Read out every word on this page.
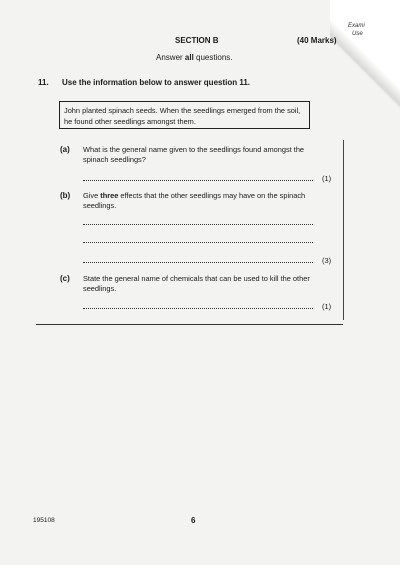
Exami
Use
SECTION B	(40 Marks)
Answer all questions.
11. Use the information below to answer question 11.
John planted spinach seeds. When the seedlings emerged from the soil, he found other seedlings amongst them.
(a) What is the general name given to the seedlings found amongst the spinach seedlings?
(1)
(b) Give three effects that the other seedlings may have on the spinach seedlings.
(3)
(c) State the general name of chemicals that can be used to kill the other seedlings.
(1)
195108	6
